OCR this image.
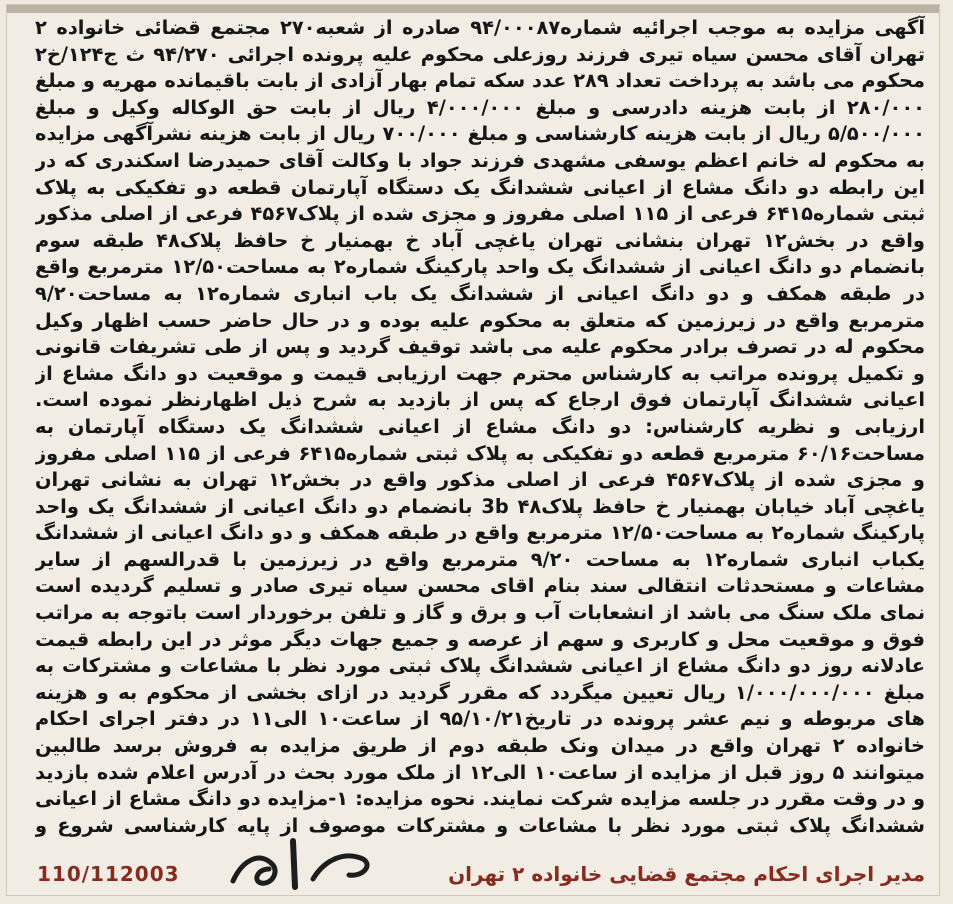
آگهی مزایده به موجب اجرائیه شماره۹۴/۰۰۰۸۷ صادره از شعبه۲۷۰ مجتمع قضائی خانواده ۲ تهران آقای محسن سیاه تیری فرزند روزعلی محکوم علیه پرونده اجرائی ۹۴/۲۷۰ ث ج۱۲۴/خ۲ محکوم می باشد به پرداخت تعداد ۲۸۹ عدد سکه تمام بهار آزادی از بابت باقیمانده مهریه و مبلغ ۲۸۰/۰۰۰ از بابت هزینه دادرسی و مبلغ ۴/۰۰۰/۰۰۰ ریال از بابت حق الوکاله وکیل و مبلغ ۵/۵۰۰/۰۰۰ ریال از بابت هزینه کارشناسی و مبلغ ۷۰۰/۰۰۰ ریال از بابت هزینه نشرآگهی مزایده به محکوم له خانم اعظم یوسفی مشهدی فرزند جواد با وکالت آقای حمیدرضا اسکندری که در این رابطه دو دانگ مشاع از اعیانی ششدانگ یک دستگاه آپارتمان قطعه دو تفکیکی به پلاک ثبتی شماره۶۴۱۵ فرعی از ۱۱۵ اصلی مفروز و مجزی شده از پلاک۴۵۶۷ فرعی از اصلی مذکور واقع در بخش۱۲ تهران بنشانی تهران یاغچی آباد خ بهمنیار خ حافظ پلاک۴۸ طبقه سوم بانضمام دو دانگ اعیانی از ششدانگ یک واحد پارکینگ شماره۲ به مساحت۱۲/۵۰ مترمربع واقع در طبقه همکف و دو دانگ اعیانی از ششدانگ یک باب انباری شماره۱۲ به مساحت۹/۲۰ مترمربع واقع در زیرزمین که متعلق به محکوم علیه بوده و در حال حاضر حسب اظهار وکیل محکوم له در تصرف برادر محکوم علیه می باشد توقیف گردید و پس از طی تشریفات قانونی و تکمیل پرونده مراتب به کارشناس محترم جهت ارزیابی قیمت و موقعیت دو دانگ مشاع از اعیانی ششدانگ آپارتمان فوق ارجاع که پس از بازدید به شرح ذیل اظهارنظر نموده است. ارزیابی و نظریه کارشناس: دو دانگ مشاع از اعیانی ششدانگ یک دستگاه آپارتمان به مساحت۶۰/۱۶ مترمربع قطعه دو تفکیکی به پلاک ثبتی شماره۶۴۱۵ فرعی از ۱۱۵ اصلی مفروز و مجزی شده از پلاک۴۵۶۷ فرعی از اصلی مذکور واقع در بخش۱۲ تهران به نشانی تهران یاغچی آباد خیابان بهمنیار خ حافظ پلاک۴۸ 3b بانضمام دو دانگ اعیانی از ششدانگ یک واحد پارکینگ شماره۲ به مساحت۱۲/۵۰ مترمربع واقع در طبقه همکف و دو دانگ اعیانی از ششدانگ یکباب انباری شماره۱۲ به مساحت ۹/۲۰ مترمربع واقع در زیرزمین با قدرالسهم از سایر مشاعات و مستحدثات انتقالی سند بنام اقای محسن سیاه تیری صادر و تسلیم گردیده است نمای ملک سنگ می باشد از انشعابات آب و برق و گاز و تلفن برخوردار است باتوجه به مراتب فوق و موقعیت محل و کاربری و سهم از عرصه و جمیع جهات دیگر موثر در این رابطه قیمت عادلانه روز دو دانگ مشاع از اعیانی ششدانگ پلاک ثبتی مورد نظر با مشاعات و مشترکات به مبلغ ۱/۰۰۰/۰۰۰/۰۰۰ ریال تعیین میگردد که مقرر گردید در ازای بخشی از محکوم به و هزینه های مربوطه و نیم عشر پرونده در تاریخ۹۵/۱۰/۲۱ از ساعت۱۰ الی۱۱ در دفتر اجرای احکام خانواده ۲ تهران واقع در میدان ونک طبقه دوم از طریق مزایده به فروش برسد طالبین میتوانند ۵ روز قبل از مزایده از ساعت۱۰ الی۱۲ از ملک مورد بحث در آدرس اعلام شده بازدید و در وقت مقرر در جلسه مزایده شرکت نمایند. نحوه مزایده: ۱-مزایده دو دانگ مشاع از اعیانی ششدانگ پلاک ثبتی مورد نظر با مشاعات و مشترکات موصوف از پایه کارشناسی شروع و

مدیر اجرای احکام مجتمع قضایی خانواده ۲ تهران
110/112003
